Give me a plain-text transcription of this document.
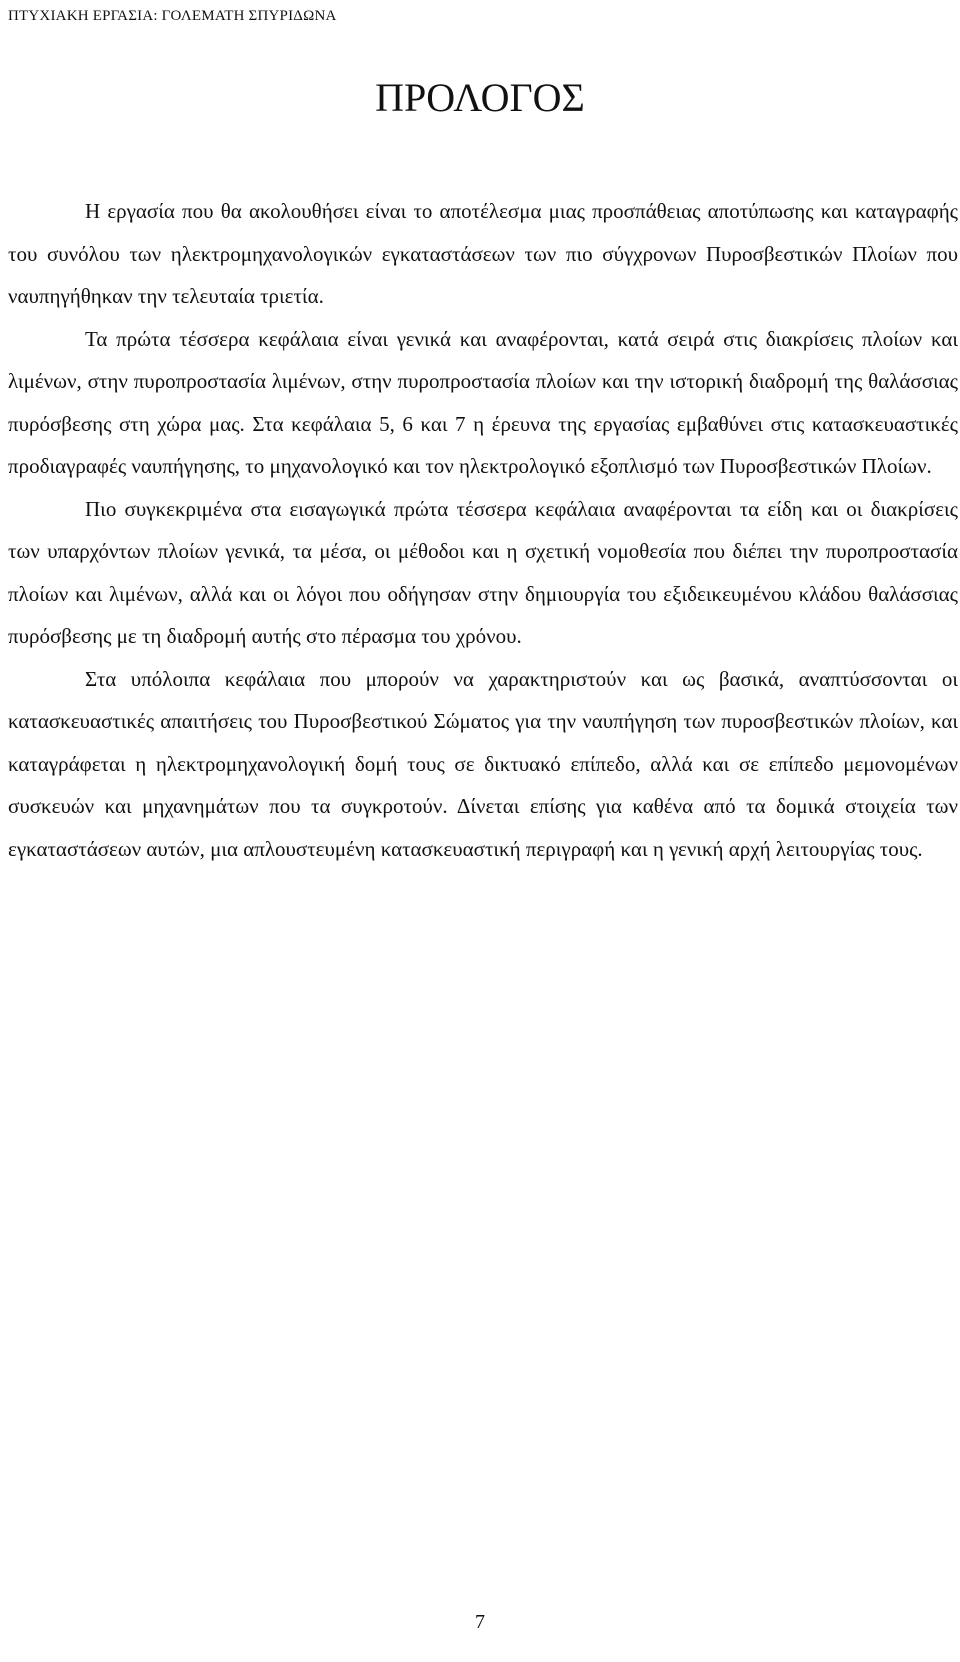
ΠΤΥΧΙΑΚΗ ΕΡΓΑΣΙΑ: ΓΟΛΕΜΑΤΗ ΣΠΥΡΙΔΩΝΑ
ΠΡΟΛΟΓΟΣ

Η εργασία που θα ακολουθήσει είναι το αποτέλεσμα μιας προσπάθειας αποτύπωσης και καταγραφής του συνόλου των ηλεκτρομηχανολογικών εγκαταστάσεων των πιο σύγχρονων Πυροσβεστικών Πλοίων που ναυπηγήθηκαν την τελευταία τριετία.

Τα πρώτα τέσσερα κεφάλαια είναι γενικά και αναφέρονται, κατά σειρά στις διακρίσεις πλοίων και λιμένων, στην πυροπροστασία λιμένων, στην πυροπροστασία πλοίων και την ιστορική διαδρομή της θαλάσσιας πυρόσβεσης στη χώρα μας. Στα κεφάλαια 5, 6 και 7 η έρευνα της εργασίας εμβαθύνει στις κατασκευαστικές προδιαγραφές ναυπήγησης, το μηχανολογικό και τον ηλεκτρολογικό εξοπλισμό των Πυροσβεστικών Πλοίων.

Πιο συγκεκριμένα στα εισαγωγικά πρώτα τέσσερα κεφάλαια αναφέρονται τα είδη και οι διακρίσεις των υπαρχόντων πλοίων γενικά, τα μέσα, οι μέθοδοι και η σχετική νομοθεσία που διέπει την πυροπροστασία πλοίων και λιμένων, αλλά και οι λόγοι που οδήγησαν στην δημιουργία του εξιδεικευμένου κλάδου θαλάσσιας πυρόσβεσης με τη διαδρομή αυτής στο πέρασμα του χρόνου.

Στα υπόλοιπα κεφάλαια που μπορούν να χαρακτηριστούν και ως βασικά, αναπτύσσονται οι κατασκευαστικές απαιτήσεις του Πυροσβεστικού Σώματος για την ναυπήγηση των πυροσβεστικών πλοίων, και καταγράφεται η ηλεκτρομηχανολογική δομή τους σε δικτυακό επίπεδο, αλλά και σε επίπεδο μεμονομένων συσκευών και μηχανημάτων που τα συγκροτούν. Δίνεται επίσης για καθένα από τα δομικά στοιχεία των εγκαταστάσεων αυτών, μια απλουστευμένη κατασκευαστική περιγραφή και η γενική αρχή λειτουργίας τους.

7
